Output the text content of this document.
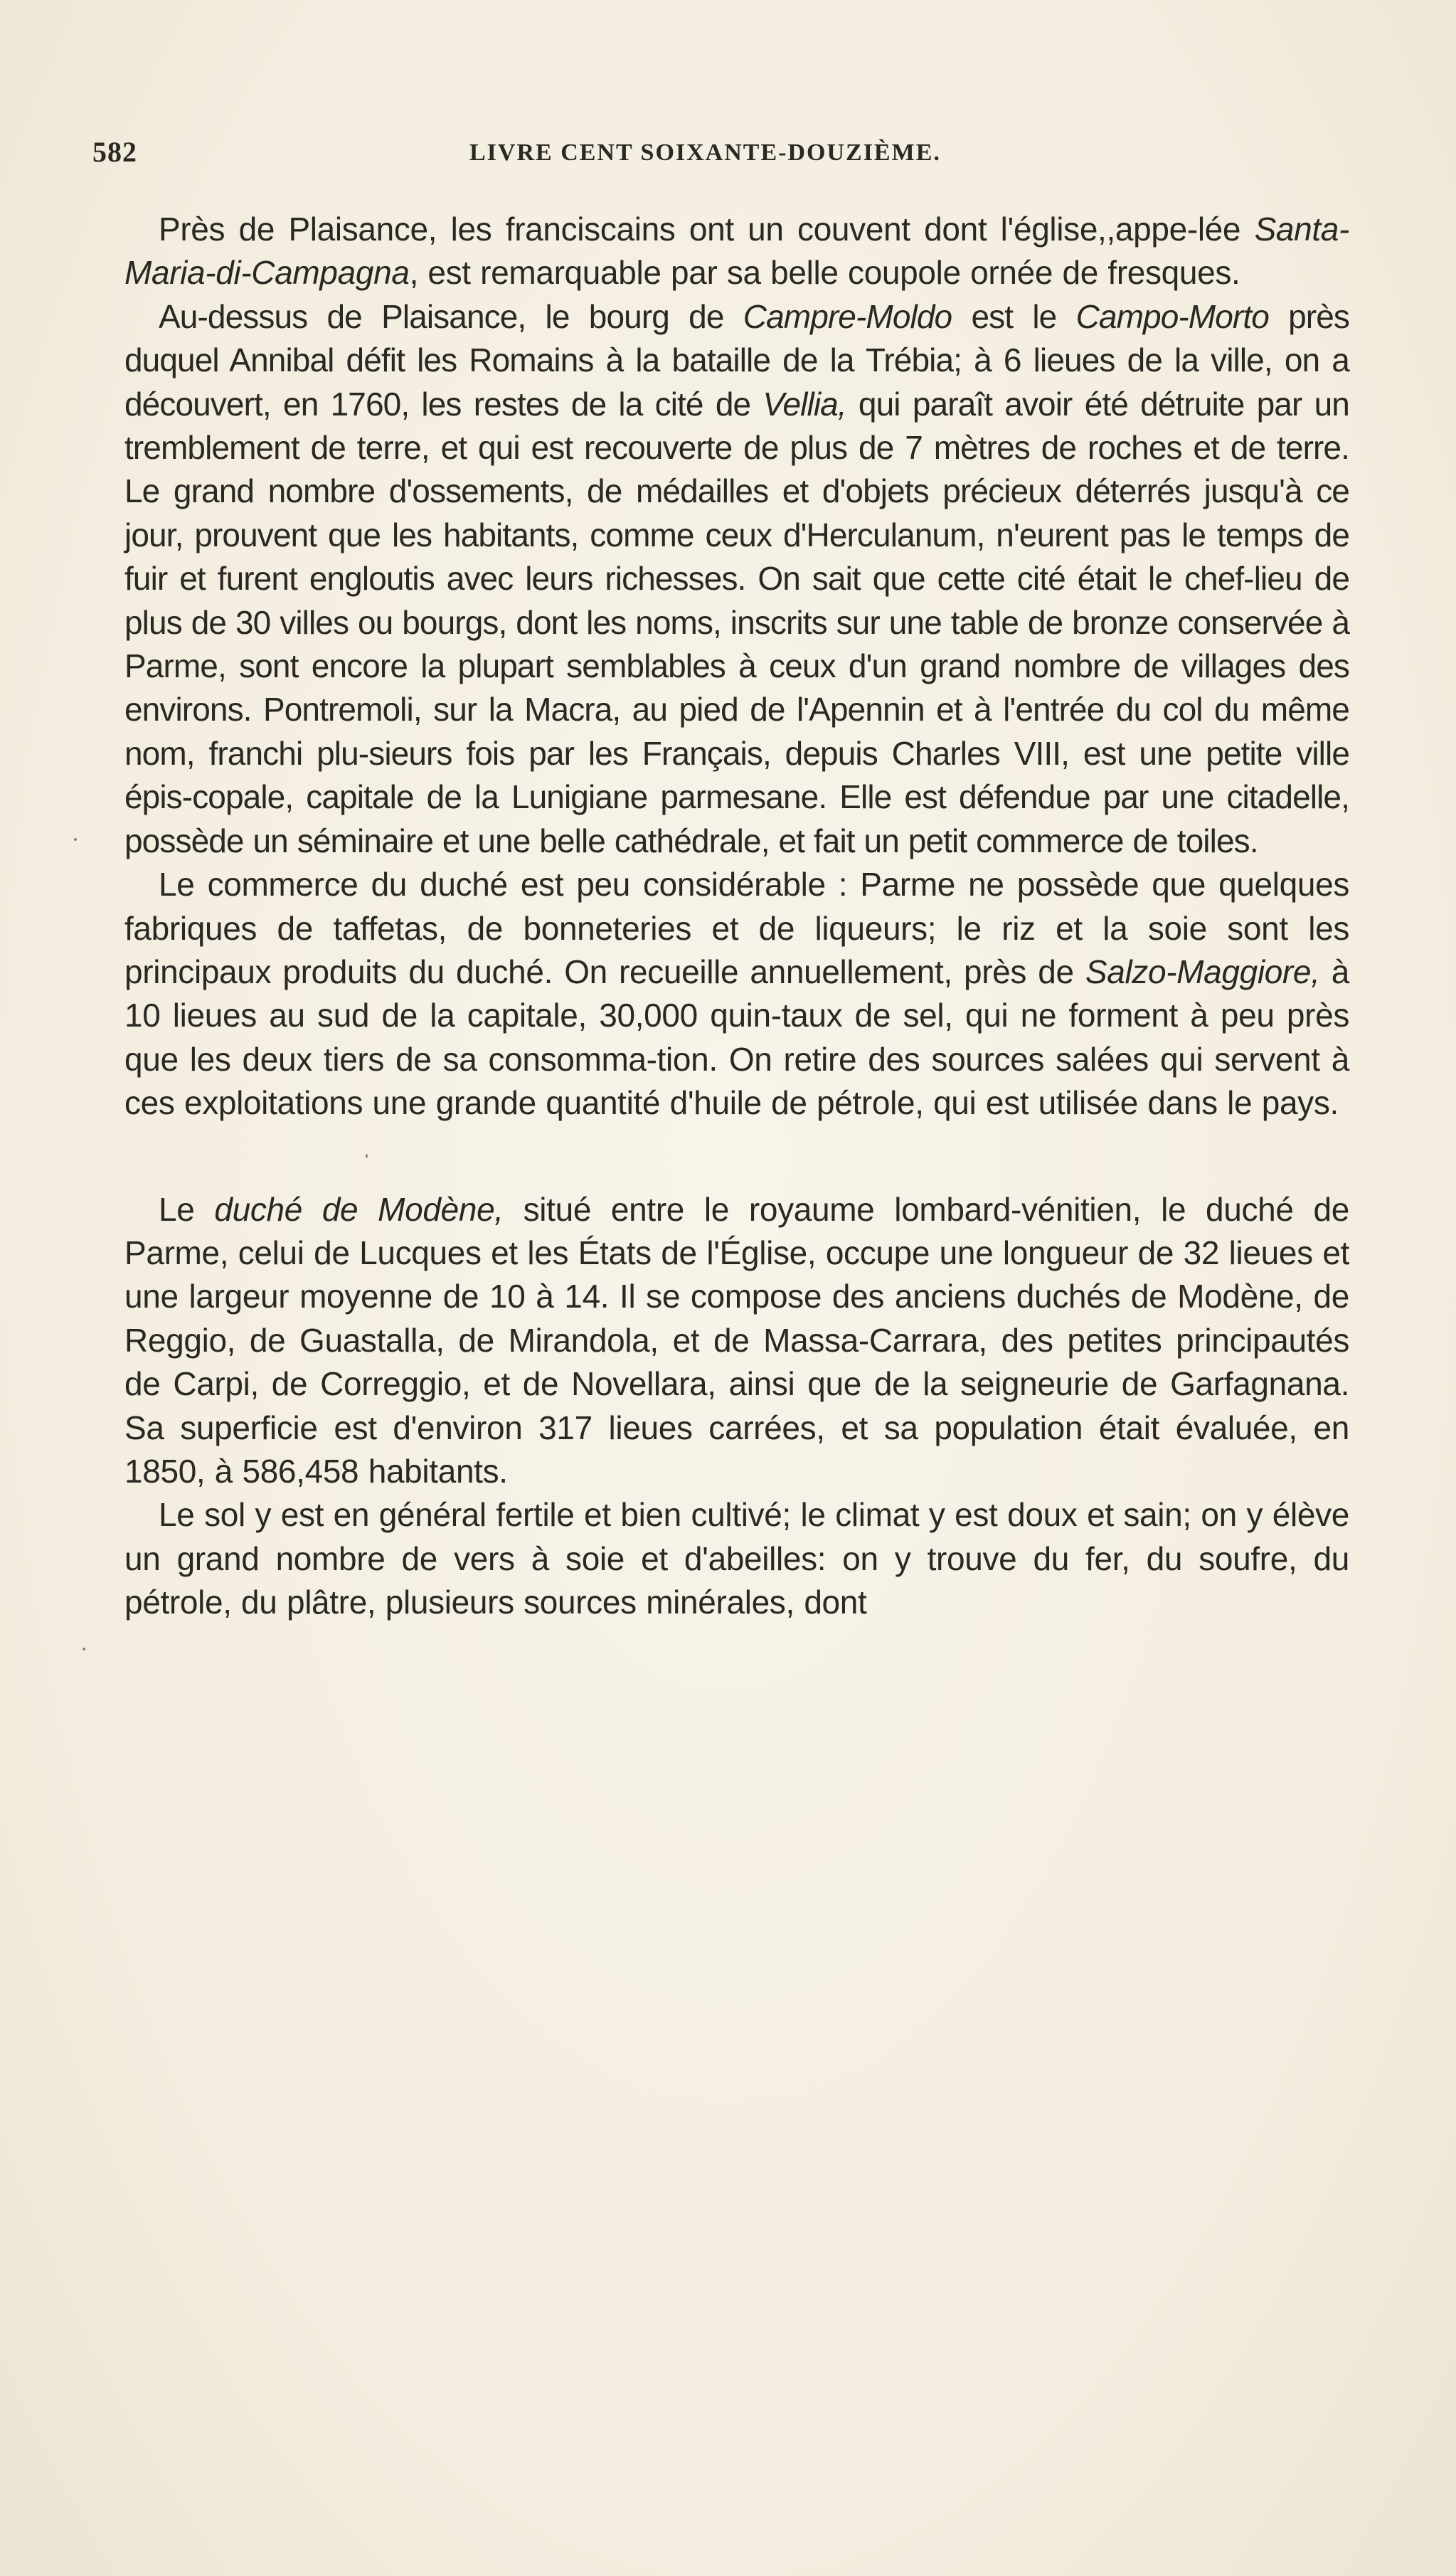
582	LIVRE CENT SOIXANTE-DOUZIÈME.

Près de Plaisance, les franciscains ont un couvent dont l'église,,appe-lée Santa-Maria-di-Campagna, est remarquable par sa belle coupole ornée de fresques.

Au-dessus de Plaisance, le bourg de Campre-Moldo est le Campo-Morto près duquel Annibal défit les Romains à la bataille de la Trébia; à 6 lieues de la ville, on a découvert, en 1760, les restes de la cité de Vellia, qui paraît avoir été détruite par un tremblement de terre, et qui est recouverte de plus de 7 mètres de roches et de terre. Le grand nombre d'ossements, de médailles et d'objets précieux déterrés jusqu'à ce jour, prouvent que les habitants, comme ceux d'Herculanum, n'eurent pas le temps de fuir et furent engloutis avec leurs richesses. On sait que cette cité était le chef-lieu de plus de 30 villes ou bourgs, dont les noms, inscrits sur une table de bronze conservée à Parme, sont encore la plupart semblables à ceux d'un grand nombre de villages des environs. Pontremoli, sur la Macra, au pied de l'Apennin et à l'entrée du col du même nom, franchi plu-sieurs fois par les Français, depuis Charles VIII, est une petite ville épis-copale, capitale de la Lunigiane parmesane. Elle est défendue par une citadelle, possède un séminaire et une belle cathédrale, et fait un petit commerce de toiles.

Le commerce du duché est peu considérable : Parme ne possède que quelques fabriques de taffetas, de bonneteries et de liqueurs; le riz et la soie sont les principaux produits du duché. On recueille annuellement, près de Salzo-Maggiore, à 10 lieues au sud de la capitale, 30,000 quin-taux de sel, qui ne forment à peu près que les deux tiers de sa consomma-tion. On retire des sources salées qui servent à ces exploitations une grande quantité d'huile de pétrole, qui est utilisée dans le pays.

Le duché de Modène, situé entre le royaume lombard-vénitien, le duché de Parme, celui de Lucques et les États de l'Église, occupe une longueur de 32 lieues et une largeur moyenne de 10 à 14. Il se compose des anciens duchés de Modène, de Reggio, de Guastalla, de Mirandola, et de Massa-Carrara, des petites principautés de Carpi, de Correggio, et de Novellara, ainsi que de la seigneurie de Garfagnana. Sa superficie est d'environ 317 lieues carrées, et sa population était évaluée, en 1850, à 586,458 habitants.

Le sol y est en général fertile et bien cultivé; le climat y est doux et sain; on y élève un grand nombre de vers à soie et d'abeilles: on y trouve du fer, du soufre, du pétrole, du plâtre, plusieurs sources minérales, dont
